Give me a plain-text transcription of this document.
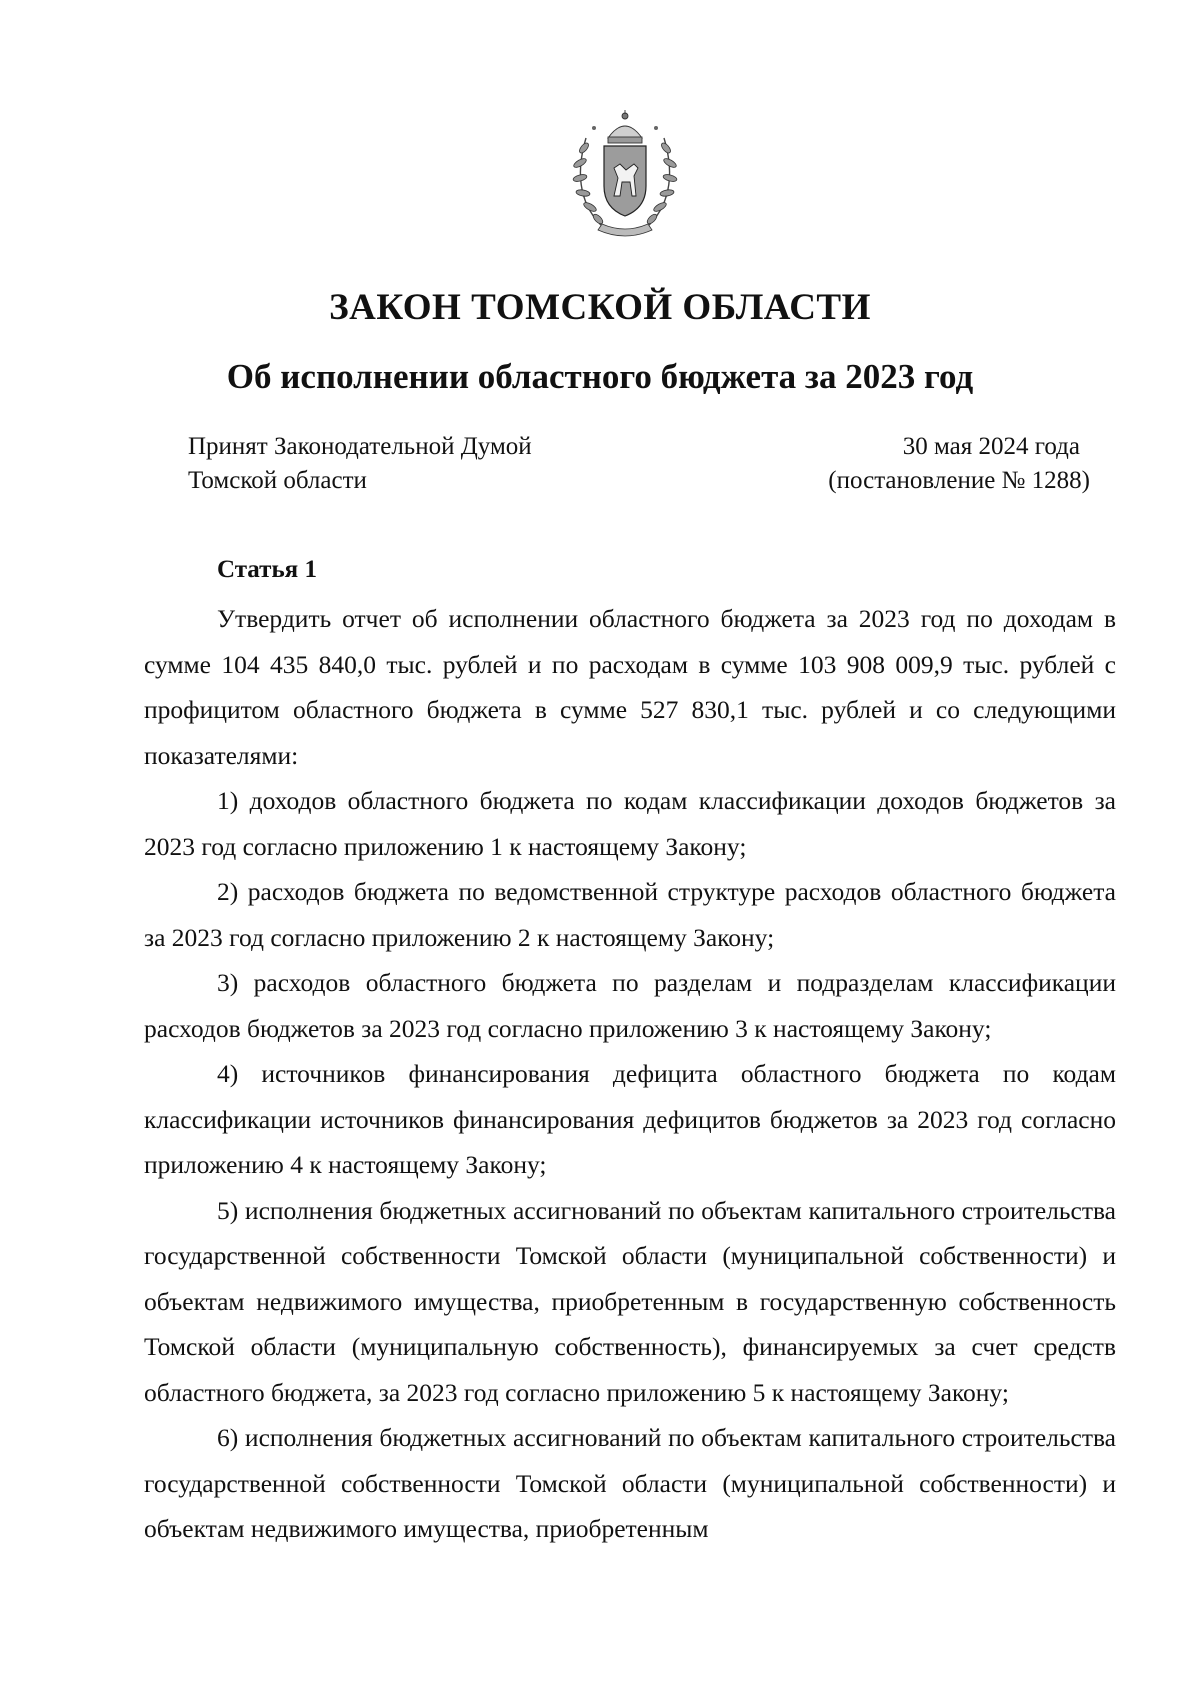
ЗАКОН ТОМСКОЙ ОБЛАСТИ
Об исполнении областного бюджета за 2023 год
Принят Законодательной Думой
Томской области
30 мая 2024 года
(постановление № 1288)
Статья 1

Утвердить отчет об исполнении областного бюджета за 2023 год по доходам в сумме 104 435 840,0 тыс. рублей и по расходам в сумме 103 908 009,9 тыс. рублей с профицитом областного бюджета в сумме 527 830,1 тыс. рублей и со следующими показателями:

1) доходов областного бюджета по кодам классификации доходов бюджетов за 2023 год согласно приложению 1 к настоящему Закону;

2) расходов бюджета по ведомственной структуре расходов областного бюджета за 2023 год согласно приложению 2 к настоящему Закону;

3) расходов областного бюджета по разделам и подразделам классификации расходов бюджетов за 2023 год согласно приложению 3 к настоящему Закону;

4) источников финансирования дефицита областного бюджета по кодам классификации источников финансирования дефицитов бюджетов за 2023 год согласно приложению 4 к настоящему Закону;

5) исполнения бюджетных ассигнований по объектам капитального строительства государственной собственности Томской области (муниципальной собственности) и объектам недвижимого имущества, приобретенным в государственную собственность Томской области (муниципальную собственность), финансируемых за счет средств областного бюджета, за 2023 год согласно приложению 5 к настоящему Закону;

6) исполнения бюджетных ассигнований по объектам капитального строительства государственной собственности Томской области (муниципальной собственности) и объектам недвижимого имущества, приобретенным
